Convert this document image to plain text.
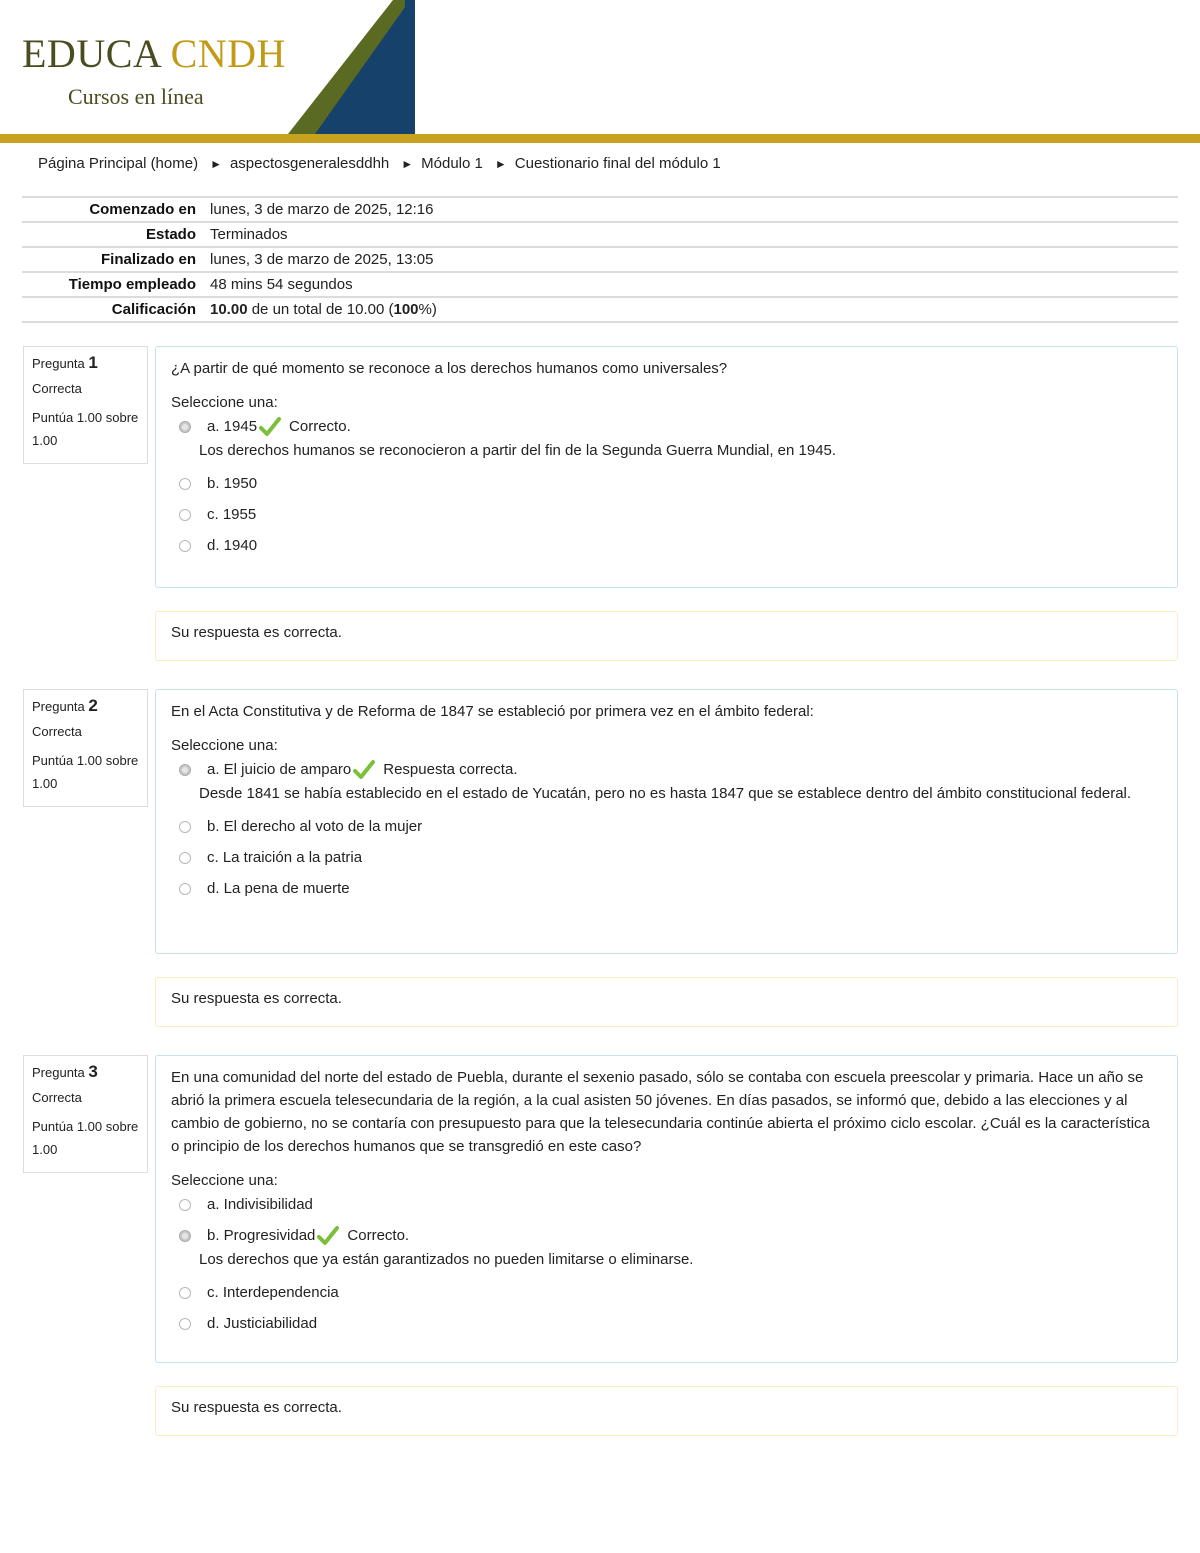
EDUCA CNDH
Cursos en línea
Página Principal (home) ► aspectosgeneralesddhh ► Módulo 1 ► Cuestionario final del módulo 1
Comenzado en	lunes, 3 de marzo de 2025, 12:16
Estado	Terminados
Finalizado en	lunes, 3 de marzo de 2025, 13:05
Tiempo empleado	48 mins 54 segundos
Calificación	10.00 de un total de 10.00 (100%)
Pregunta 1
Correcta
Puntúa 1.00 sobre 1.00
¿A partir de qué momento se reconoce a los derechos humanos como universales?
Seleccione una:
a. 1945 Correcto.
Los derechos humanos se reconocieron a partir del fin de la Segunda Guerra Mundial, en 1945.
b. 1950
c. 1955
d. 1940
Su respuesta es correcta.
Pregunta 2
Correcta
Puntúa 1.00 sobre 1.00
En el Acta Constitutiva y de Reforma de 1847 se estableció por primera vez en el ámbito federal:
Seleccione una:
a. El juicio de amparo Respuesta correcta.
Desde 1841 se había establecido en el estado de Yucatán, pero no es hasta 1847 que se establece dentro del ámbito constitucional federal.
b. El derecho al voto de la mujer
c. La traición a la patria
d. La pena de muerte
Su respuesta es correcta.
Pregunta 3
Correcta
Puntúa 1.00 sobre 1.00
En una comunidad del norte del estado de Puebla, durante el sexenio pasado, sólo se contaba con escuela preescolar y primaria. Hace un año se abrió la primera escuela telesecundaria de la región, a la cual asisten 50 jóvenes. En días pasados, se informó que, debido a las elecciones y al cambio de gobierno, no se contaría con presupuesto para que la telesecundaria continúe abierta el próximo ciclo escolar. ¿Cuál es la característica o principio de los derechos humanos que se transgredió en este caso?
Seleccione una:
a. Indivisibilidad
b. Progresividad Correcto.
Los derechos que ya están garantizados no pueden limitarse o eliminarse.
c. Interdependencia
d. Justiciabilidad
Su respuesta es correcta.
